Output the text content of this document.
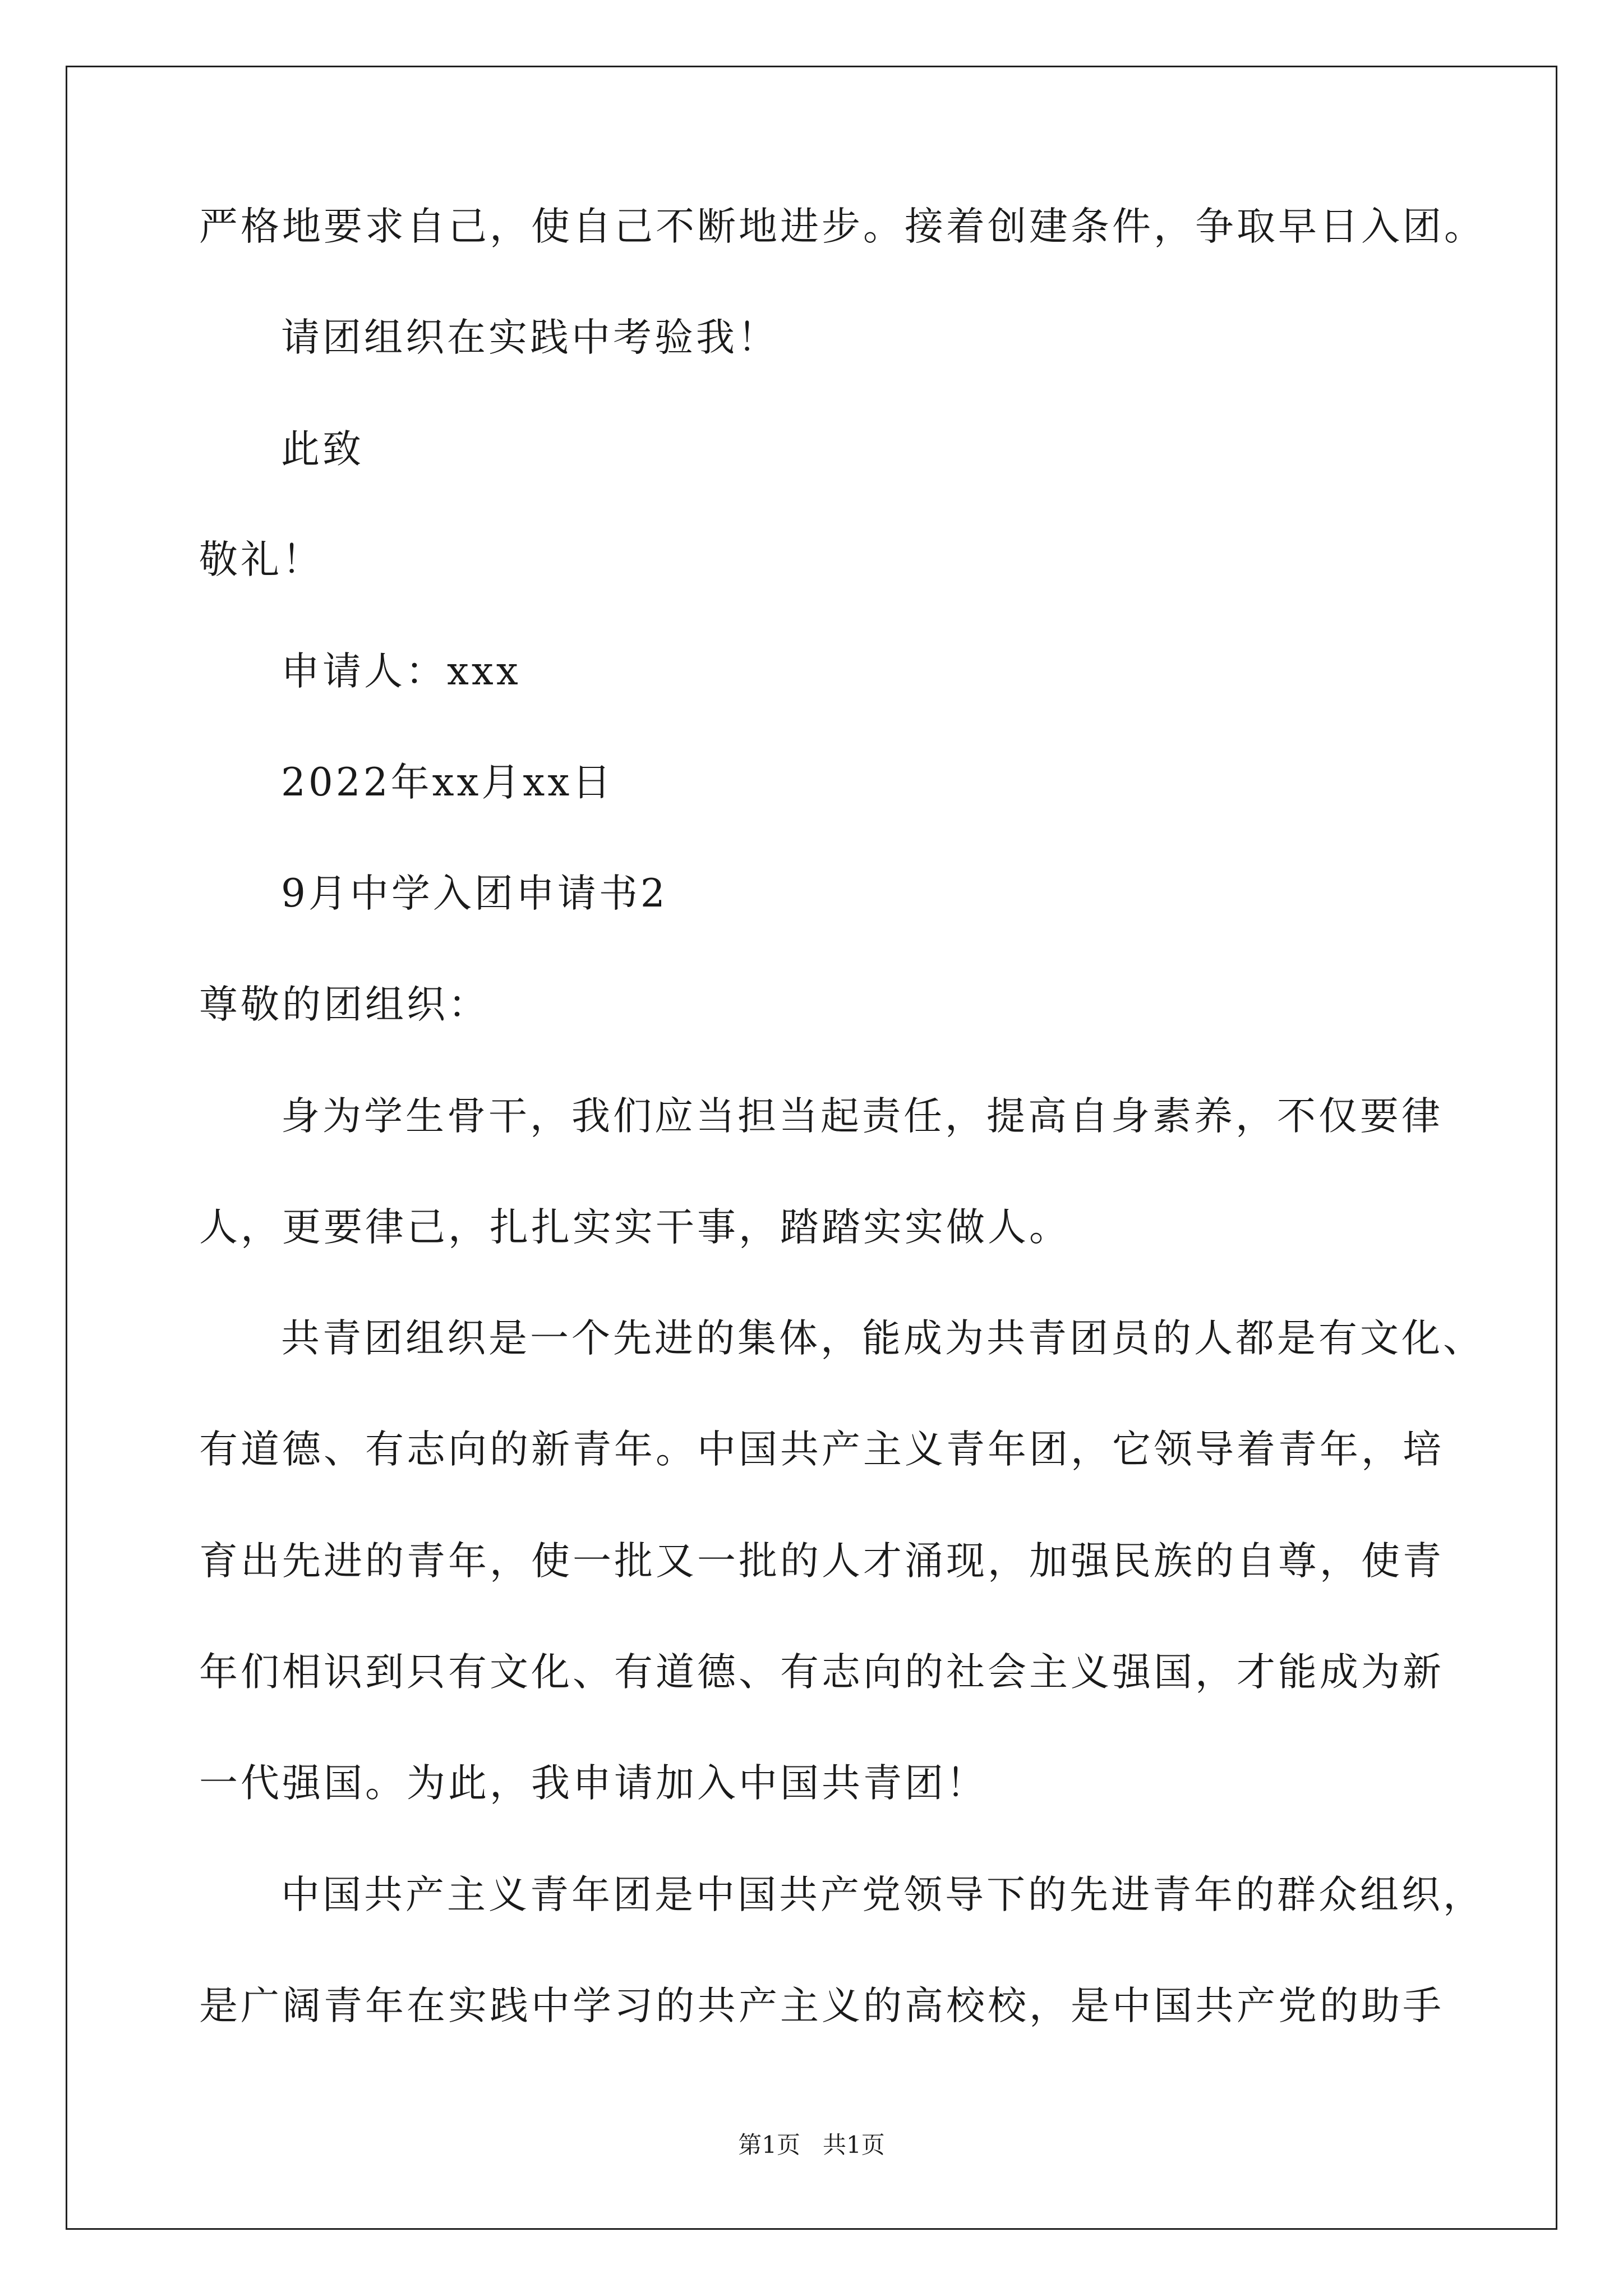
严格地要求自己，使自己不断地进步。接着创建条件，争取早日入团。

请团组织在实践中考验我！

此致

敬礼！

申请人：xxx

2022年xx月xx日

9月中学入团申请书2

尊敬的团组织：

身为学生骨干，我们应当担当起责任，提高自身素养，不仅要律

人，更要律己，扎扎实实干事，踏踏实实做人。

共青团组织是一个先进的集体，能成为共青团员的人都是有文化、

有道德、有志向的新青年。中国共产主义青年团，它领导着青年，培

育出先进的青年，使一批又一批的人才涌现，加强民族的自尊，使青

年们相识到只有文化、有道德、有志向的社会主义强国，才能成为新

一代强国。为此，我申请加入中国共青团！

中国共产主义青年团是中国共产党领导下的先进青年的群众组织，

是广阔青年在实践中学习的共产主义的高校校，是中国共产党的助手

第1页   共1页
